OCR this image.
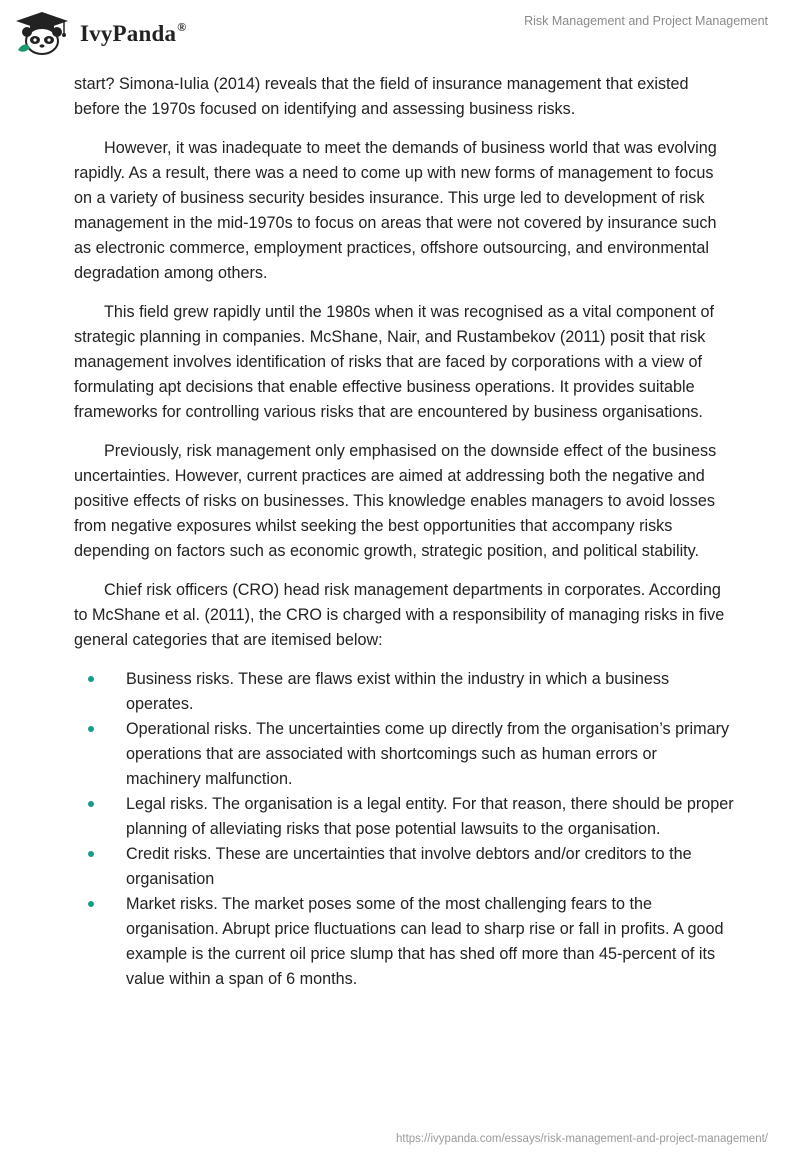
IvyPanda®	Risk Management and Project Management

start? Simona-Iulia (2014) reveals that the field of insurance management that existed before the 1970s focused on identifying and assessing business risks.

However, it was inadequate to meet the demands of business world that was evolving rapidly. As a result, there was a need to come up with new forms of management to focus on a variety of business security besides insurance. This urge led to development of risk management in the mid-1970s to focus on areas that were not covered by insurance such as electronic commerce, employment practices, offshore outsourcing, and environmental degradation among others.

This field grew rapidly until the 1980s when it was recognised as a vital component of strategic planning in companies. McShane, Nair, and Rustambekov (2011) posit that risk management involves identification of risks that are faced by corporations with a view of formulating apt decisions that enable effective business operations. It provides suitable frameworks for controlling various risks that are encountered by business organisations.

Previously, risk management only emphasised on the downside effect of the business uncertainties. However, current practices are aimed at addressing both the negative and positive effects of risks on businesses. This knowledge enables managers to avoid losses from negative exposures whilst seeking the best opportunities that accompany risks depending on factors such as economic growth, strategic position, and political stability.

Chief risk officers (CRO) head risk management departments in corporates. According to McShane et al. (2011), the CRO is charged with a responsibility of managing risks in five general categories that are itemised below:

Business risks. These are flaws exist within the industry in which a business operates.
Operational risks. The uncertainties come up directly from the organisation’s primary operations that are associated with shortcomings such as human errors or machinery malfunction.
Legal risks. The organisation is a legal entity. For that reason, there should be proper planning of alleviating risks that pose potential lawsuits to the organisation.
Credit risks. These are uncertainties that involve debtors and/or creditors to the organisation
Market risks. The market poses some of the most challenging fears to the organisation. Abrupt price fluctuations can lead to sharp rise or fall in profits. A good example is the current oil price slump that has shed off more than 45-percent of its value within a span of 6 months.
https://ivypanda.com/essays/risk-management-and-project-management/
